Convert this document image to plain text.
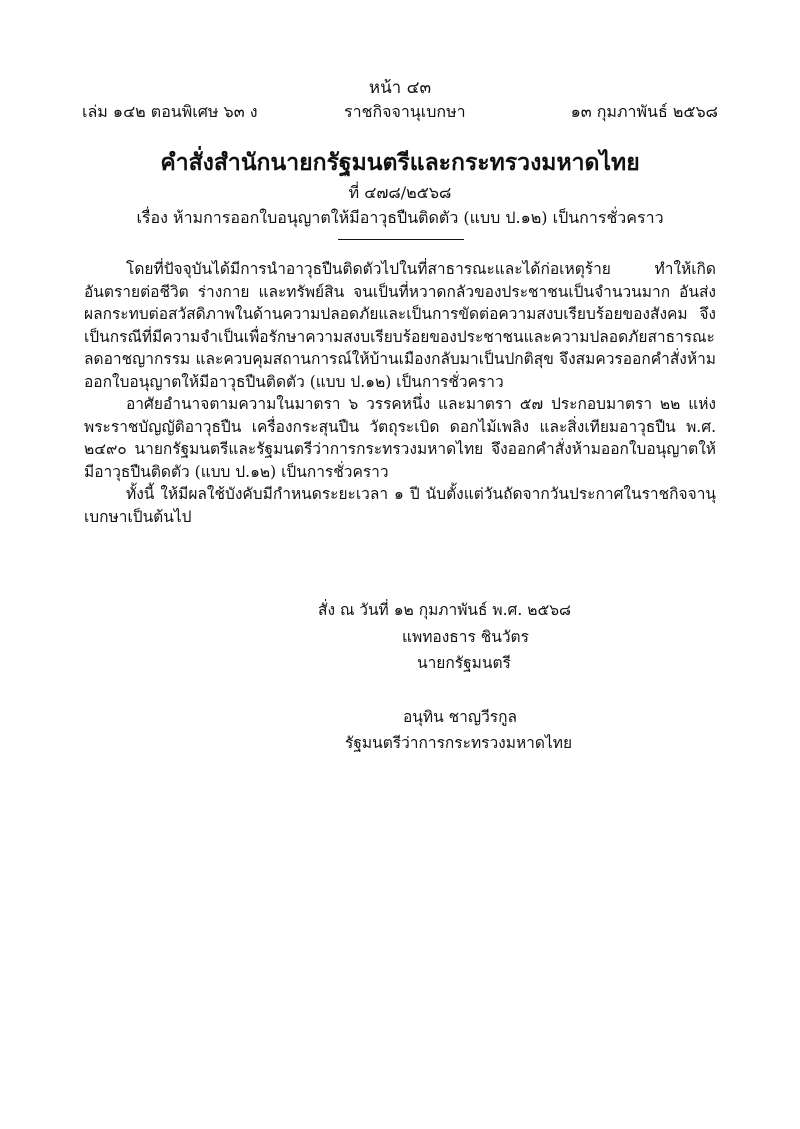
หน้า ๔๓
เล่ม ๑๔๒ ตอนพิเศษ ๖๓ ง	ราชกิจจานุเบกษา	๑๓ กุมภาพันธ์ ๒๕๖๘
คำสั่งสำนักนายกรัฐมนตรีและกระทรวงมหาดไทย
ที่ ๔๗๘/๒๕๖๘
เรื่อง ห้ามการออกใบอนุญาตให้มีอาวุธปืนติดตัว (แบบ ป.๑๒) เป็นการชั่วคราว

โดยที่ปัจจุบันได้มีการนำอาวุธปืนติดตัวไปในที่สาธารณะและได้ก่อเหตุร้าย ทำให้เกิดอันตรายต่อชีวิต ร่างกาย และทรัพย์สิน จนเป็นที่หวาดกลัวของประชาชนเป็นจำนวนมาก อันส่งผลกระทบต่อสวัสดิภาพในด้านความปลอดภัยและเป็นการขัดต่อความสงบเรียบร้อยของสังคม จึงเป็นกรณีที่มีความจำเป็นเพื่อรักษาความสงบเรียบร้อยของประชาชนและความปลอดภัยสาธารณะ ลดอาชญากรรม และควบคุมสถานการณ์ให้บ้านเมืองกลับมาเป็นปกติสุข จึงสมควรออกคำสั่งห้ามออกใบอนุญาตให้มีอาวุธปืนติดตัว (แบบ ป.๑๒) เป็นการชั่วคราว

อาศัยอำนาจตามความในมาตรา ๖ วรรคหนึ่ง และมาตรา ๕๗ ประกอบมาตรา ๒๒ แห่งพระราชบัญญัติอาวุธปืน เครื่องกระสุนปืน วัตถุระเบิด ดอกไม้เพลิง และสิ่งเทียมอาวุธปืน พ.ศ. ๒๔๙๐ นายกรัฐมนตรีและรัฐมนตรีว่าการกระทรวงมหาดไทย จึงออกคำสั่งห้ามออกใบอนุญาตให้มีอาวุธปืนติดตัว (แบบ ป.๑๒) เป็นการชั่วคราว

ทั้งนี้ ให้มีผลใช้บังคับมีกำหนดระยะเวลา ๑ ปี นับตั้งแต่วันถัดจากวันประกาศในราชกิจจานุเบกษาเป็นต้นไป

สั่ง ณ วันที่ ๑๒ กุมภาพันธ์ พ.ศ. ๒๕๖๘
แพทองธาร ชินวัตร
นายกรัฐมนตรี
อนุทิน ชาญวีรกูล
รัฐมนตรีว่าการกระทรวงมหาดไทย
